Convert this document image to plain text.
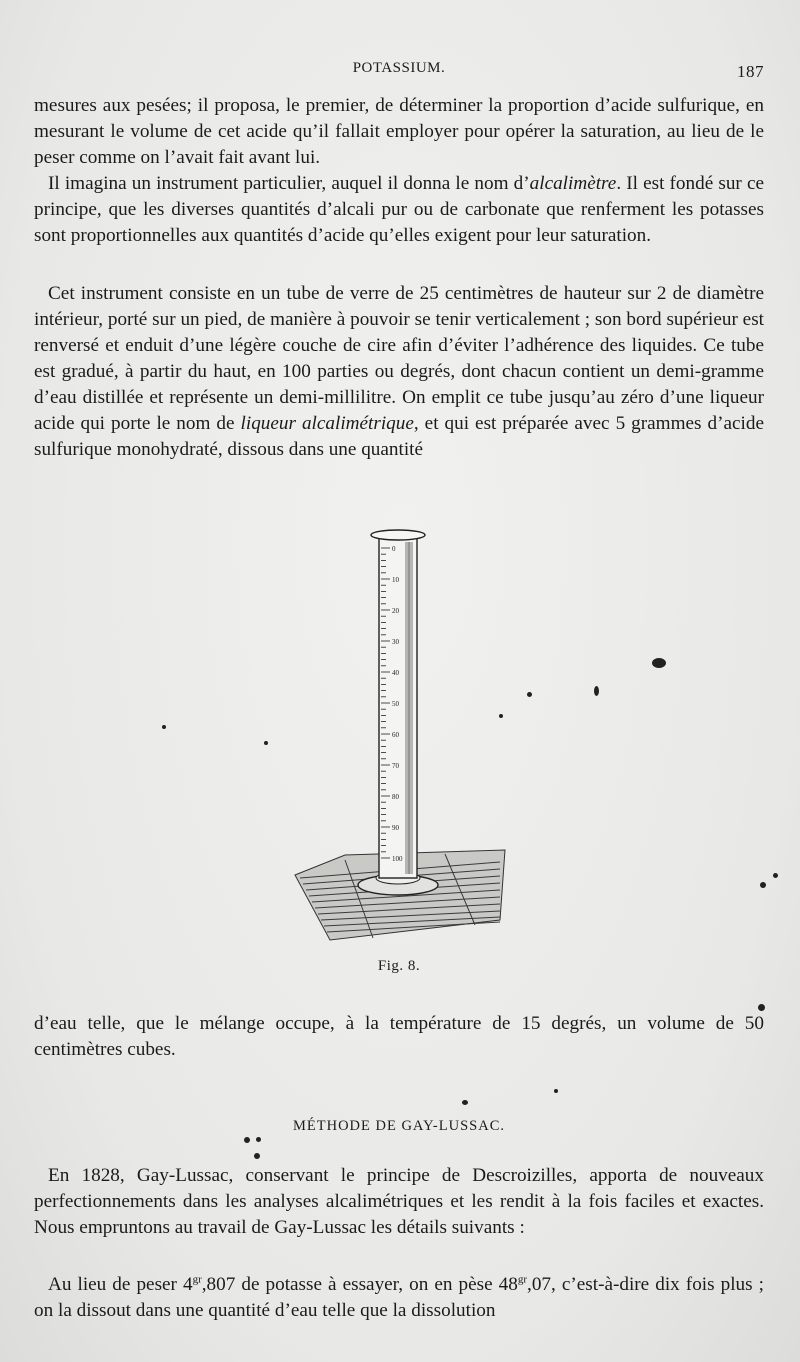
POTASSIUM.	187

mesures aux pesées; il proposa, le premier, de déterminer la proportion d’acide sulfurique, en mesurant le volume de cet acide qu’il fallait employer pour opérer la saturation, au lieu de le peser comme on l’avait fait avant lui.

Il imagina un instrument particulier, auquel il donna le nom d’alcalimètre. Il est fondé sur ce principe, que les diverses quantités d’alcali pur ou de carbonate que renferment les potasses sont proportionnelles aux quantités d’acide qu’elles exigent pour leur saturation.

Cet instrument consiste en un tube de verre de 25 centimètres de hauteur sur 2 de diamètre intérieur, porté sur un pied, de manière à pouvoir se tenir verticalement ; son bord supérieur est renversé et enduit d’une légère couche de cire afin d’éviter l’adhérence des liquides. Ce tube est gradué, à partir du haut, en 100 parties ou degrés, dont chacun contient un demi-gramme d’eau distillée et représente un demi-millilitre. On emplit ce tube jusqu’au zéro d’une liqueur acide qui porte le nom de liqueur alcalimétrique, et qui est préparée avec 5 grammes d’acide sulfurique monohydraté, dissous dans une quantité

0
10
20
30
40
50
60
70
80
90
100
Fig. 8.

d’eau telle, que le mélange occupe, à la température de 15 degrés, un volume de 50 centimètres cubes.

MÉTHODE DE GAY-LUSSAC.

En 1828, Gay-Lussac, conservant le principe de Descroizilles, apporta de nouveaux perfectionnements dans les analyses alcalimétriques et les rendit à la fois faciles et exactes. Nous empruntons au travail de Gay-Lussac les détails suivants :

Au lieu de peser $4^{gr},807$ de potasse à essayer, on en pèse $48^{gr},07$, c’est-à-dire dix fois plus ; on la dissout dans une quantité d’eau telle que la dissolution
